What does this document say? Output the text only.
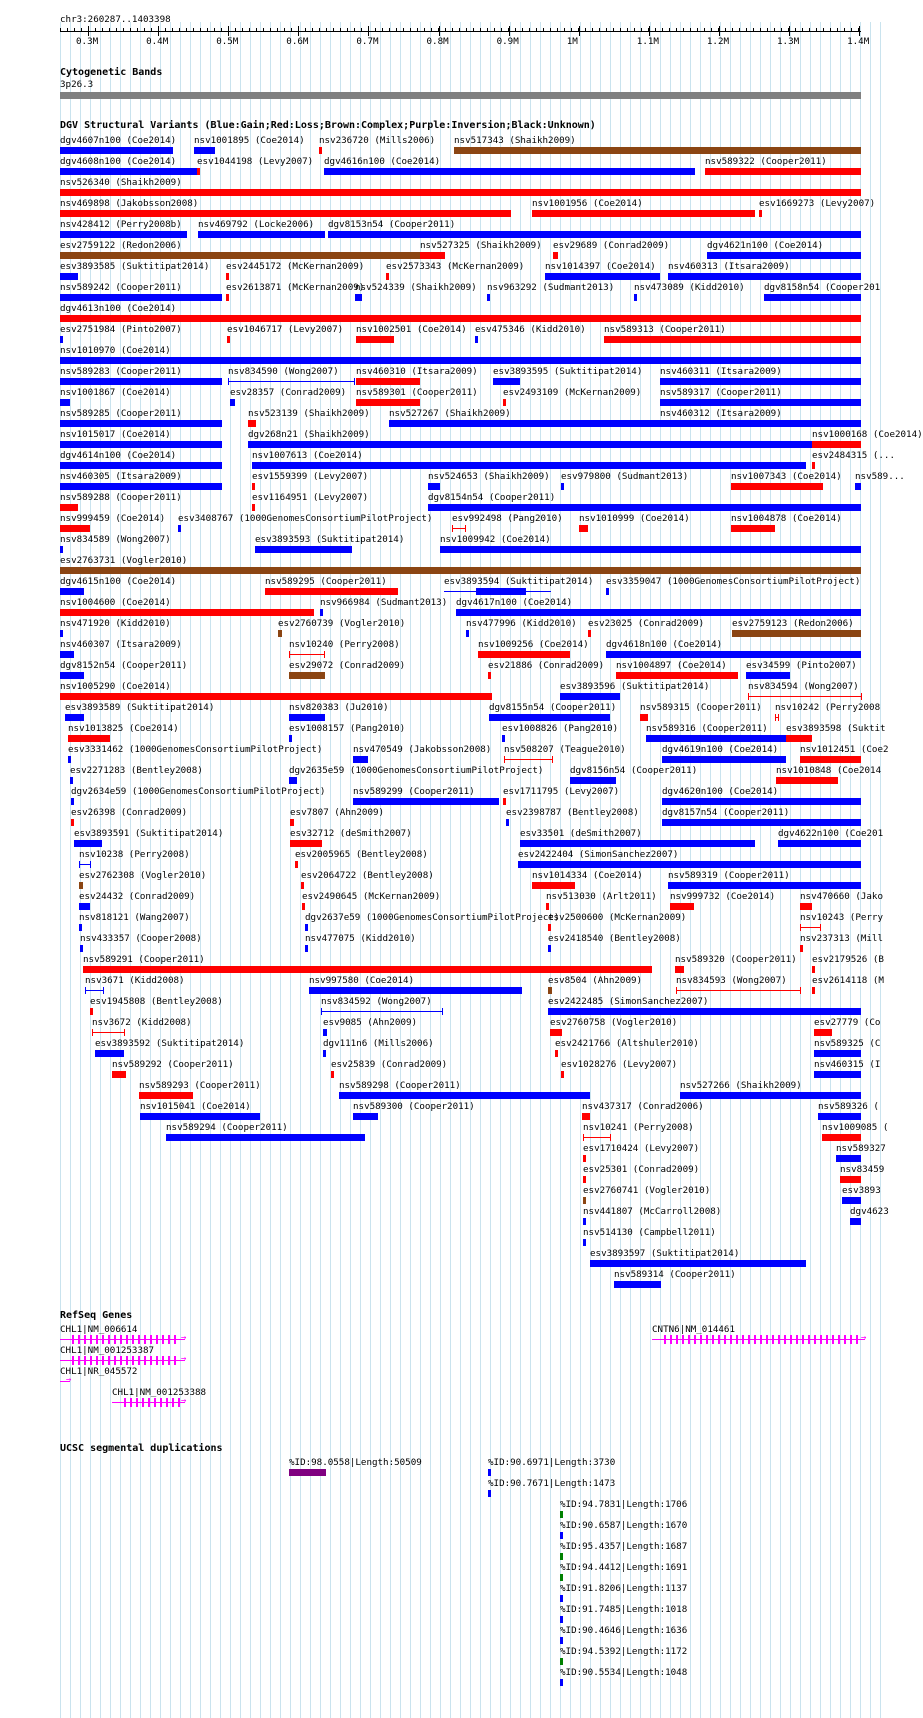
chr3:260287..1403398
0.3M	0.4M	0.5M	0.6M	0.7M	0.8M	0.9M	1M	1.1M	1.2M	1.3M	1.4M
Cytogenetic Bands
3p26.3
DGV Structural Variants (Blue:Gain;Red:Loss;Brown:Complex;Purple:Inversion;Black:Unknown)
dgv4607n100 (Coe2014) nsv1001895 (Coe2014) nsv236720 (Mills2006) nsv517343 (Shaikh2009)
dgv4608n100 (Coe2014) esv1044198 (Levy2007) dgv4616n100 (Coe2014)	nsv589322 (Cooper2011)
nsv526340 (Shaikh2009)
nsv469898 (Jakobsson2008)	nsv1001956 (Coe2014)	esv1669273 (Levy2007)
nsv428412 (Perry2008b) nsv469792 (Locke2006) dgv8153n54 (Cooper2011)
esv2759122 (Redon2006)	nsv527325 (Shaikh2009) esv29689 (Conrad2009)	dgv4621n100 (Coe2014)
esv3893585 (Suktitipat2014) esv2445172 (McKernan2009) esv2573343 (McKernan2009) nsv1014397 (Coe2014) nsv460313 (Itsara2009)
nsv589242 (Cooper2011)	esv2613871 (McKernan2009)
nsv524339 (Shaikh2009) nsv963292 (Sudmant2013) nsv473089 (Kidd2010) dgv8158n54 (Cooper201
dgv4613n100 (Coe2014)
esv2751984 (Pinto2007)	esv1046717 (Levy2007) nsv1002501 (Coe2014) esv475346 (Kidd2010) nsv589313 (Cooper2011)
nsv1010970 (Coe2014)
nsv589283 (Cooper2011)	nsv834590 (Wong2007) nsv460310 (Itsara2009) esv3893595 (Suktitipat2014) nsv460311 (Itsara2009)
nsv1001867 (Coe2014)	esv28357 (Conrad2009) nsv589301 (Cooper2011)	esv2493109 (McKernan2009) nsv589317 (Cooper2011)
nsv589285 (Cooper2011)	nsv523139 (Shaikh2009) nsv527267 (Shaikh2009)	nsv460312 (Itsara2009)
nsv1015017 (Coe2014)	dgv268n21 (Shaikh2009)	nsv1000168 (Coe2014)
dgv4614n100 (Coe2014)	nsv1007613 (Coe2014)	esv2484315 (...
nsv460305 (Itsara2009)	esv1559399 (Levy2007)	nsv524653 (Shaikh2009) esv979800 (Sudmant2013)	nsv1007343 (Coe2014) nsv589...
nsv589288 (Cooper2011)	esv1164951 (Levy2007)	dgv8154n54 (Cooper2011)
nsv999459 (Coe2014) esv3408767 (1000GenomesConsortiumPilotProject) esv992498 (Pang2010) nsv1010999 (Coe2014)	nsv1004878 (Coe2014)
nsv834589 (Wong2007)	esv3893593 (Suktitipat2014)	nsv1009942 (Coe2014)
esv2763731 (Vogler2010)
dgv4615n100 (Coe2014)	nsv589295 (Cooper2011)	esv3893594 (Suktitipat2014) esv3359047 (1000GenomesConsortiumPilotProject)
nsv1004600 (Coe2014)	nsv966984 (Sudmant2013) dgv4617n100 (Coe2014)
nsv471920 (Kidd2010)	esv2760739 (Vogler2010)	nsv477996 (Kidd2010) esv23025 (Conrad2009)	esv2759123 (Redon2006)
nsv460307 (Itsara2009)	nsv10240 (Perry2008)	nsv1009256 (Coe2014) dgv4618n100 (Coe2014)
dgv8152n54 (Cooper2011)	esv29072 (Conrad2009)	esv21886 (Conrad2009) nsv1004897 (Coe2014) esv34599 (Pinto2007)
nsv1005290 (Coe2014)	esv3893596 (Suktitipat2014)	nsv834594 (Wong2007)
esv3893589 (Suktitipat2014)	nsv820383 (Ju2010)	dgv8155n54 (Cooper2011)	nsv589315 (Cooper2011) nsv10242 (Perry2008
nsv1013825 (Coe2014)	esv1008157 (Pang2010)	esv1008826 (Pang2010)	nsv589316 (Cooper2011) esv3893598 (Suktit
esv3331462 (1000GenomesConsortiumPilotProject)	nsv470549 (Jakobsson2008) nsv508207 (Teague2010)	dgv4619n100 (Coe2014) nsv1012451 (Coe2
esv2271283 (Bentley2008)	dgv2635e59 (1000GenomesConsortiumPilotProject)	dgv8156n54 (Cooper2011)	nsv1010848 (Coe2014
dgv2634e59 (1000GenomesConsortiumPilotProject)	nsv589299 (Cooper2011)	esv1711795 (Levy2007)	dgv4620n100 (Coe2014)
esv26398 (Conrad2009)	esv7807 (Ahn2009)	esv2398787 (Bentley2008)	dgv8157n54 (Cooper2011)
esv3893591 (Suktitipat2014)	esv32712 (deSmith2007)	esv33501 (deSmith2007)	dgv4622n100 (Coe201
nsv10238 (Perry2008)	esv2005965 (Bentley2008)	esv2422404 (SimonSanchez2007)
esv2762308 (Vogler2010)	esv2064722 (Bentley2008)	nsv1014334 (Coe2014)	nsv589319 (Cooper2011)
esv24432 (Conrad2009)	esv2490645 (McKernan2009)	nsv513030 (Arlt2011) nsv999732 (Coe2014)	nsv470660 (Jako
nsv818121 (Wang2007)	dgv2637e59 (1000GenomesConsortiumPilotProject)
esv2500600 (McKernan2009)	nsv10243 (Perry
nsv433357 (Cooper2008)	nsv477075 (Kidd2010)	esv2418540 (Bentley2008)	nsv237313 (Mill
nsv589291 (Cooper2011)	nsv589320 (Cooper2011) esv2179526 (B
nsv3671 (Kidd2008)	nsv997580 (Coe2014)	esv8504 (Ahn2009)	nsv834593 (Wong2007)	esv2614118 (M
esv1945808 (Bentley2008)	nsv834592 (Wong2007)	esv2422485 (SimonSanchez2007)
nsv3672 (Kidd2008)	esv9085 (Ahn2009)	esv2760758 (Vogler2010)	esv27779 (Co
esv3893592 (Suktitipat2014)	dgv111n6 (Mills2006)	esv2421766 (Altshuler2010)	nsv589325 (C
nsv589292 (Cooper2011)	esv25839 (Conrad2009)	esv1028276 (Levy2007)	nsv460315 (I
nsv589293 (Cooper2011)	nsv589298 (Cooper2011)	nsv527266 (Shaikh2009)
nsv1015041 (Coe2014)	nsv589300 (Cooper2011)	nsv437317 (Conrad2006)	nsv589326 (
nsv589294 (Cooper2011)	nsv10241 (Perry2008)	nsv1009085 (
esv1710424 (Levy2007)	nsv589327
esv25301 (Conrad2009)	nsv83459
esv2760741 (Vogler2010)	esv3893
nsv441807 (McCarroll2008)	dgv4623
nsv514130 (Campbell2011)
esv3893597 (Suktitipat2014)
nsv589314 (Cooper2011)
RefSeq Genes
CHL1|NM_006614
→
CNTN6|NM_014461
→
CHL1|NM_001253387
→
CHL1|NR_045572
→
CHL1|NM_001253388
→
UCSC segmental duplications
%ID:98.0558|Length:50509	%ID:90.6971|Length:3730
%ID:90.7671|Length:1473
%ID:94.7831|Length:1706
%ID:90.6587|Length:1670
%ID:95.4357|Length:1687
%ID:94.4412|Length:1691
%ID:91.8206|Length:1137
%ID:91.7485|Length:1018
%ID:90.4646|Length:1636
%ID:94.5392|Length:1172
%ID:90.5534|Length:1048
